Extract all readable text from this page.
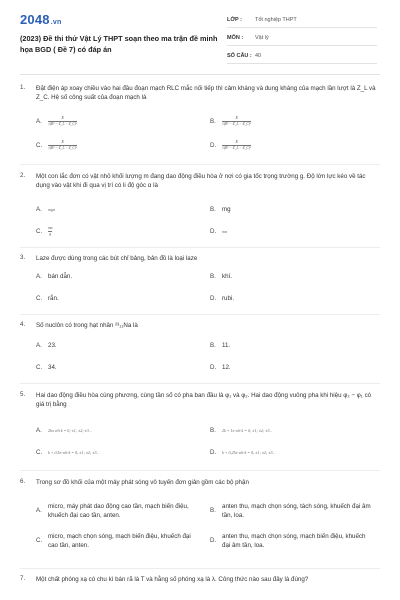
2048.vn
(2023) Đề thi thử Vật Lý THPT soạn theo ma trận đề minh họa BGD ( Đề 7) có đáp án
LỚP :	Tốt nghiệp THPT
MÔN :	Vật lý
SỐ CÂU : 40
1. Đặt điện áp xoay chiều vào hai đầu đoạn mạch RLC mắc nối tiếp thì cảm kháng và dung kháng của mạch lần lượt là Z_L và Z_C. Hệ số công suất của đoạn mạch là
A.	$\frac{R}{\text{√(R² − Z\_L − Z\_C)²}}$	B.	$\frac{R}{\text{√(R² − Z\_L − Z\_C)²}}$
C.	$\frac{R}{\text{√(R² − Z\_L − Z\_C)²}}$	D.	$\frac{R}{\text{√(R² − Z\_L − Z\_C)²}}$
2. Một con lắc đơn có vật nhỏ khối lượng m đang dao động điều hòa ở nơi có gia tốc trọng trường g. Độ lớn lực kéo về tác dụng vào vật khi đi qua vị trí có li độ góc α là
A.	mgα	B. mg
C.	$\frac{m\alpha}{g}$	D.	mα
3. Laze được dùng trong các bút chỉ bảng, bản đồ là loại laze
A. bán dẫn.	B. khí.
C. rắn.	D. rubi.
4. Số nuclôn có trong hạt nhân ²³₁₁Na là
A. 23.	B. 11.
C. 34.	D. 12.
5. Hai dao động điều hòa cùng phương, cùng tần số có pha ban đầu là φ₁ và φ₂. Hai dao động vuông pha khi hiệu φ₂ − φ₁ có giá trị bằng
A.	2kπ với k = 0; ±1; ±2; ±3...	B.	2k + 1π với k = 0; ±1; ±2; ±3...
C.	k + 0,5π với k = 0; ±1; ±2; ±3...	D.	k + 0,25π với k = 0; ±1; ±2; ±3...
6. Trong sơ đồ khối của một máy phát sóng vô tuyến đơn giản gồm các bộ phận
A.
micro, máy phát dao động cao tần, mạch biến điệu, khuếch đại cao tần, anten.
B.
anten thu, mạch chọn sóng, tách sóng, khuếch đại âm tần, loa.
C.
micro, mạch chọn sóng, mạch biến điệu, khuếch đại cao tần, anten.
D.
anten thu, mạch chọn sóng, mạch biến điệu, khuếch đại âm tần, loa.
7. Một chất phóng xạ có chu kì bán rã là T và hằng số phóng xạ là λ. Công thức nào sau đây là đúng?
